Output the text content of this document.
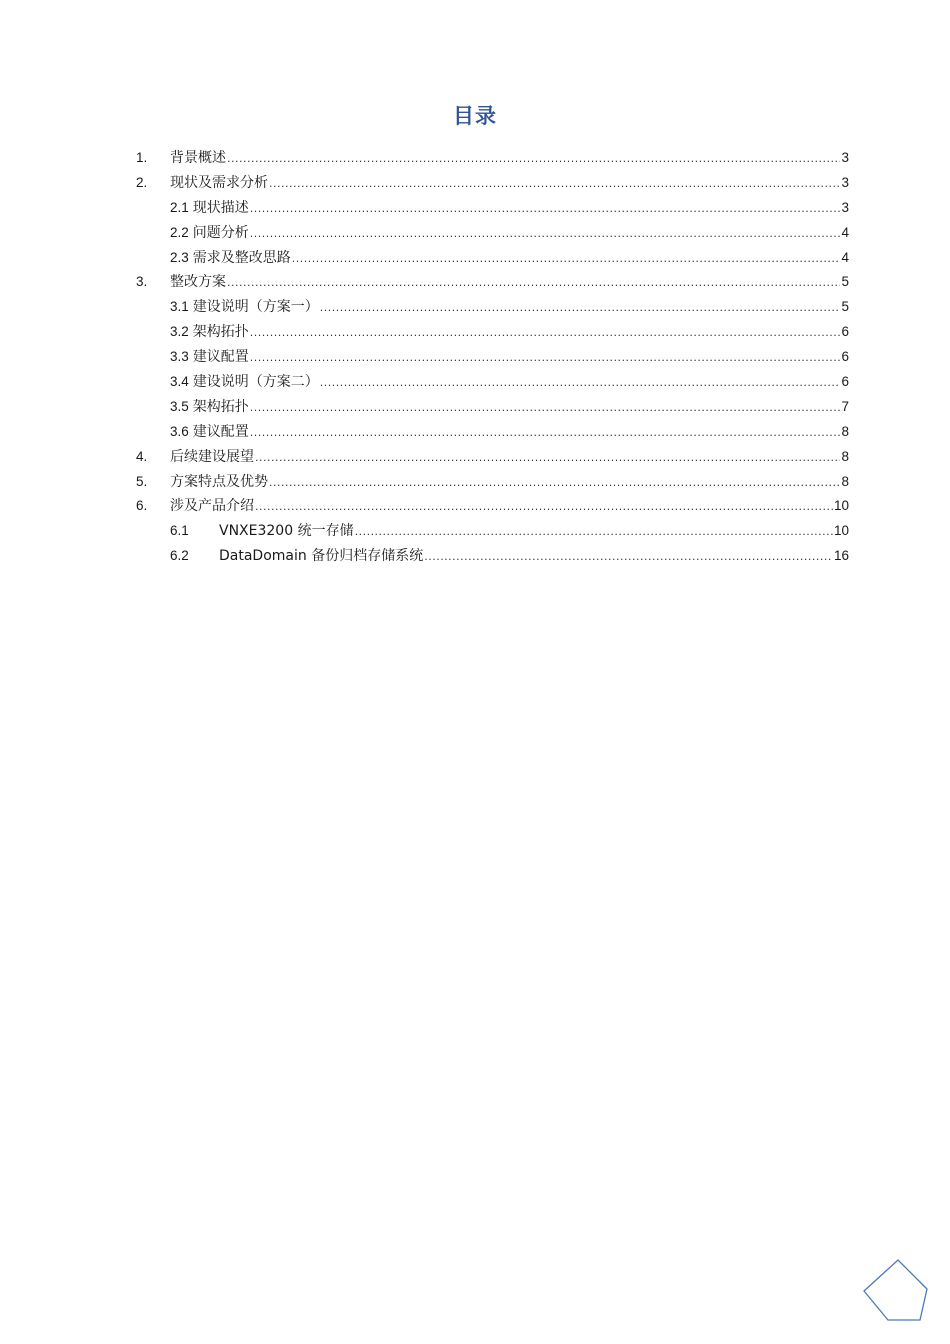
目录
1.	背景概述 .....	3
2.	现状及需求分析 .....	3
2.1 现状描述 .....	3
2.2 问题分析 .....	4
2.3 需求及整改思路 .....	4
3.	整改方案 .....	5
3.1 建设说明（方案一） .....	5
3.2 架构拓扑 .....	6
3.3 建议配置 .....	6
3.4 建设说明（方案二） .....	6
3.5 架构拓扑 .....	7
3.6 建议配置 .....	8
4.	后续建设展望 .....	8
5.	方案特点及优势 .....	8
6.	涉及产品介绍 .....	10
6.1	VNXE3200 统一存储 .....	10
6.2	DataDomain 备份归档存储系统 .....	16
